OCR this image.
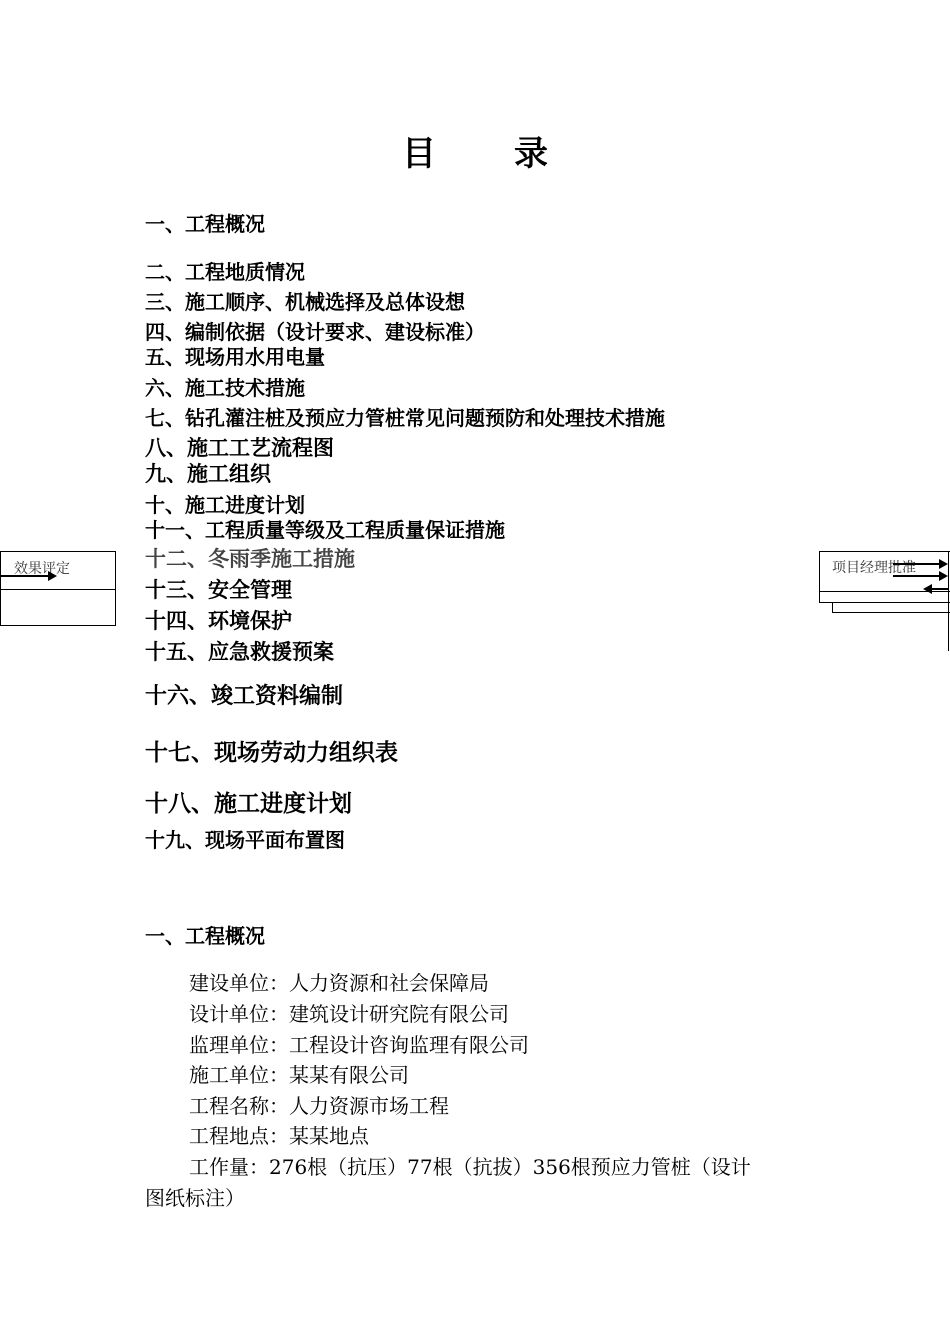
目　录
一、工程概况
二、工程地质情况
三、施工顺序、机械选择及总体设想
四、编制依据（设计要求、建设标准）
五、现场用水用电量
六、施工技术措施
七、钻孔灌注桩及预应力管桩常见问题预防和处理技术措施
八、施工工艺流程图
九、施工组织
十、施工进度计划
十一、工程质量等级及工程质量保证措施
十二、冬雨季施工措施
十三、安全管理
十四、环境保护
十五、应急救援预案
十六、竣工资料编制
十七、现场劳动力组织表
十八、施工进度计划
十九、现场平面布置图
效果评定	项目经理批准
一、工程概况
建设单位：人力资源和社会保障局
设计单位：建筑设计研究院有限公司
监理单位：工程设计咨询监理有限公司
施工单位：某某有限公司
工程名称：人力资源市场工程
工程地点：某某地点
工作量：276根（抗压）77根（抗拔）356根预应力管桩（设计
图纸标注）
